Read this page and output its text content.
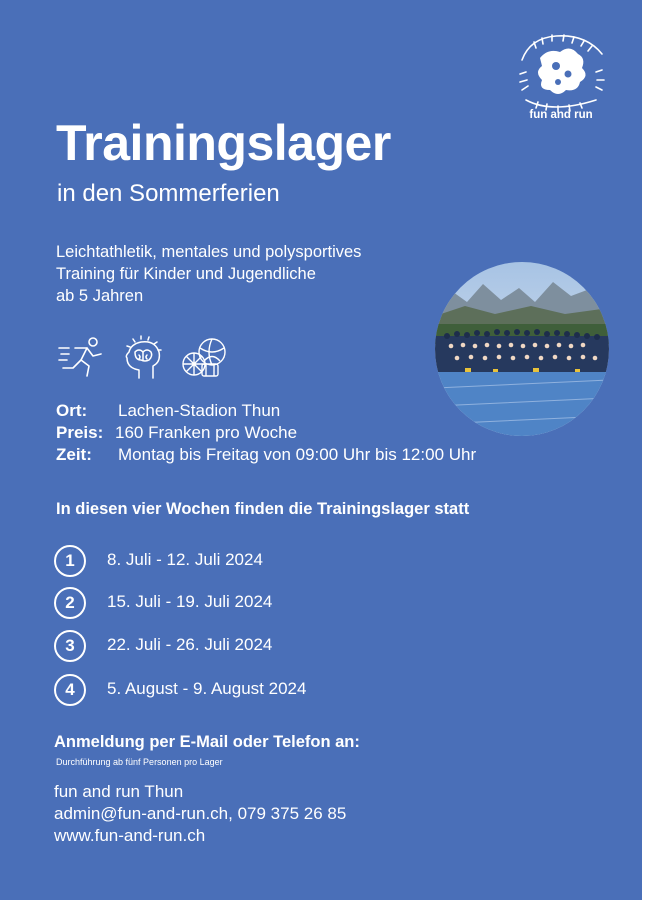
fun and run
Trainingslager
in den Sommerferien
Leichtathletik, mentales und polysportives
Training für Kinder und Jugendliche
ab 5 Jahren
Ort: Lachen-Stadion Thun
Preis: 160 Franken pro Woche
Zeit: Montag bis Freitag von 09:00 Uhr bis 12:00 Uhr
In diesen vier Wochen finden die Trainingslager statt
1	8. Juli - 12. Juli 2024
2	15. Juli - 19. Juli 2024
3	22. Juli - 26. Juli 2024
4	5. August - 9. August 2024
Anmeldung per E-Mail oder Telefon an:
Durchführung ab fünf Personen pro Lager
fun and run Thun
admin@fun-and-run.ch, 079 375 26 85
www.fun-and-run.ch
